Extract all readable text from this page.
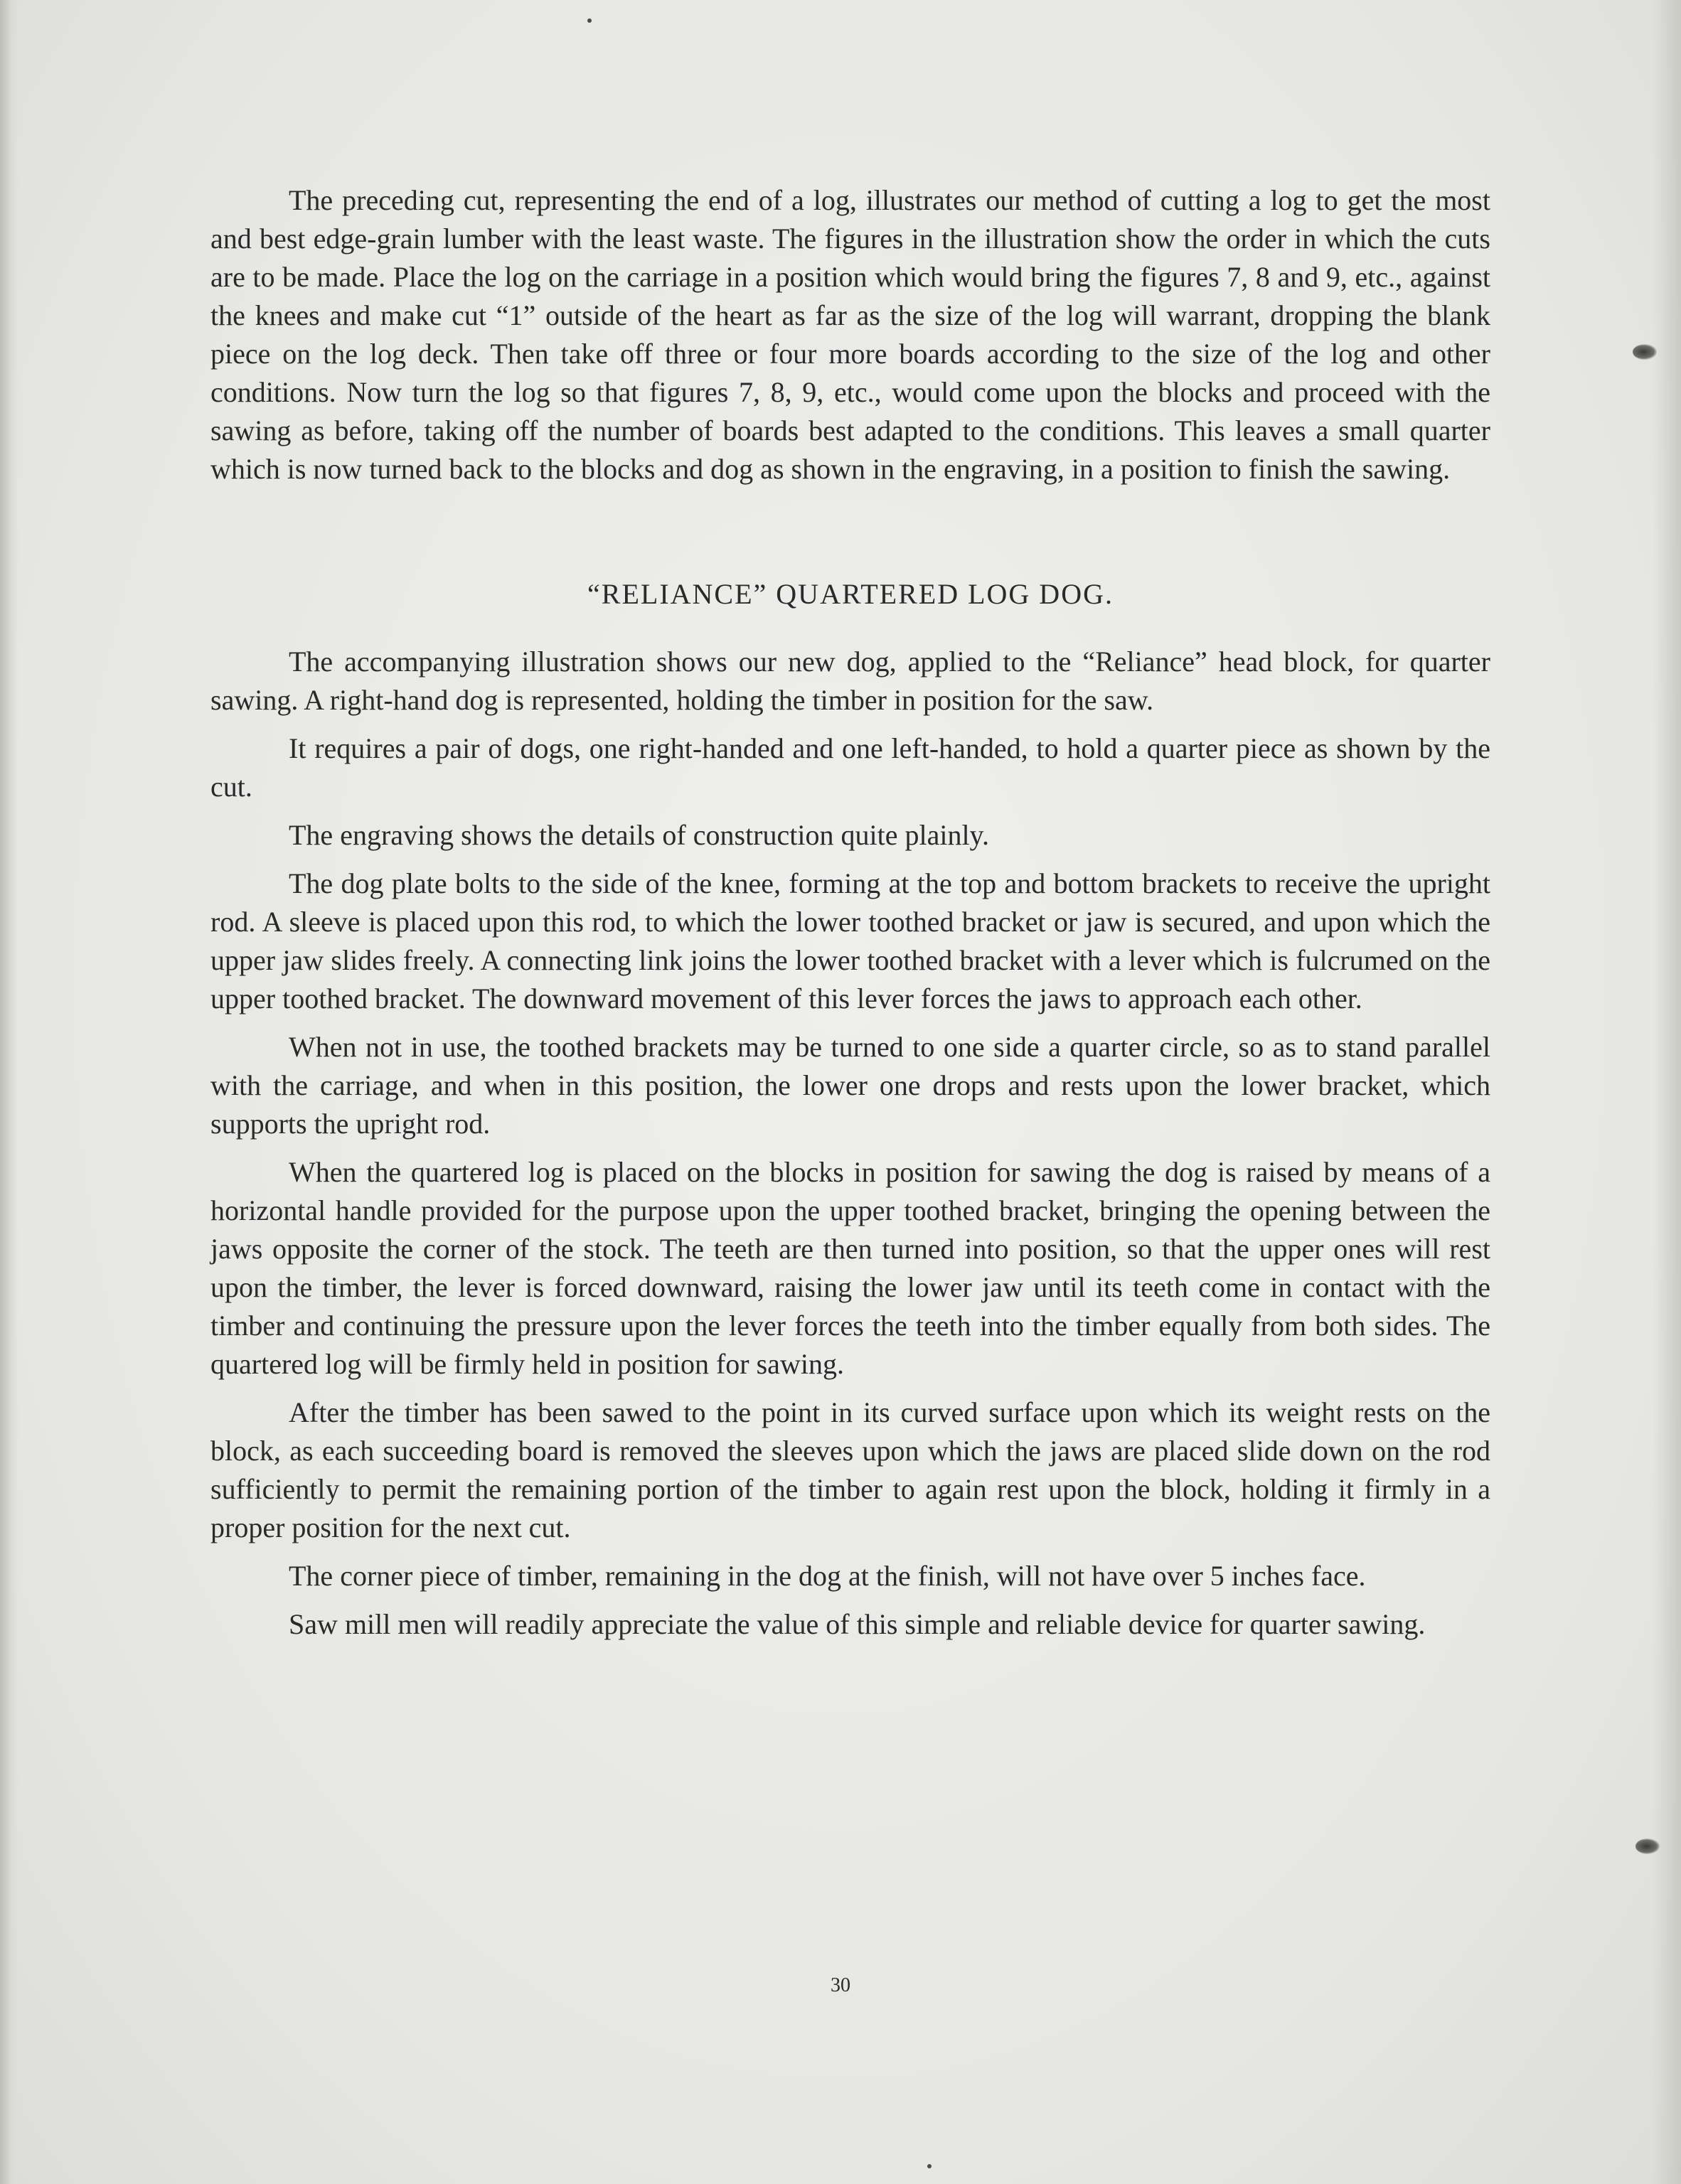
The preceding cut, representing the end of a log, illustrates our method of cutting a log to get the most and best edge-grain lumber with the least waste. The figures in the illustration show the order in which the cuts are to be made. Place the log on the carriage in a position which would bring the figures 7, 8 and 9, etc., against the knees and make cut “1” outside of the heart as far as the size of the log will warrant, dropping the blank piece on the log deck. Then take off three or four more boards according to the size of the log and other conditions. Now turn the log so that figures 7, 8, 9, etc., would come upon the blocks and proceed with the sawing as before, taking off the number of boards best adapted to the conditions. This leaves a small quarter which is now turned back to the blocks and dog as shown in the engraving, in a position to finish the sawing.

“RELIANCE” QUARTERED LOG DOG.

The accompanying illustration shows our new dog, applied to the “Reliance” head block, for quarter sawing. A right-hand dog is represented, holding the timber in position for the saw.

It requires a pair of dogs, one right-handed and one left-handed, to hold a quarter piece as shown by the cut.

The engraving shows the details of construction quite plainly.

The dog plate bolts to the side of the knee, forming at the top and bottom brackets to receive the upright rod. A sleeve is placed upon this rod, to which the lower toothed bracket or jaw is secured, and upon which the upper jaw slides freely. A connecting link joins the lower toothed bracket with a lever which is fulcrumed on the upper toothed bracket. The downward movement of this lever forces the jaws to approach each other.

When not in use, the toothed brackets may be turned to one side a quarter circle, so as to stand parallel with the carriage, and when in this position, the lower one drops and rests upon the lower bracket, which supports the upright rod.

When the quartered log is placed on the blocks in position for sawing the dog is raised by means of a horizontal handle provided for the purpose upon the upper toothed bracket, bringing the opening between the jaws opposite the corner of the stock. The teeth are then turned into position, so that the upper ones will rest upon the timber, the lever is forced downward, raising the lower jaw until its teeth come in contact with the timber and continuing the pressure upon the lever forces the teeth into the timber equally from both sides. The quartered log will be firmly held in position for sawing.

After the timber has been sawed to the point in its curved surface upon which its weight rests on the block, as each succeeding board is removed the sleeves upon which the jaws are placed slide down on the rod sufficiently to permit the remaining portion of the timber to again rest upon the block, holding it firmly in a proper position for the next cut.

The corner piece of timber, remaining in the dog at the finish, will not have over 5 inches face.

Saw mill men will readily appreciate the value of this simple and reliable device for quarter sawing.

30
